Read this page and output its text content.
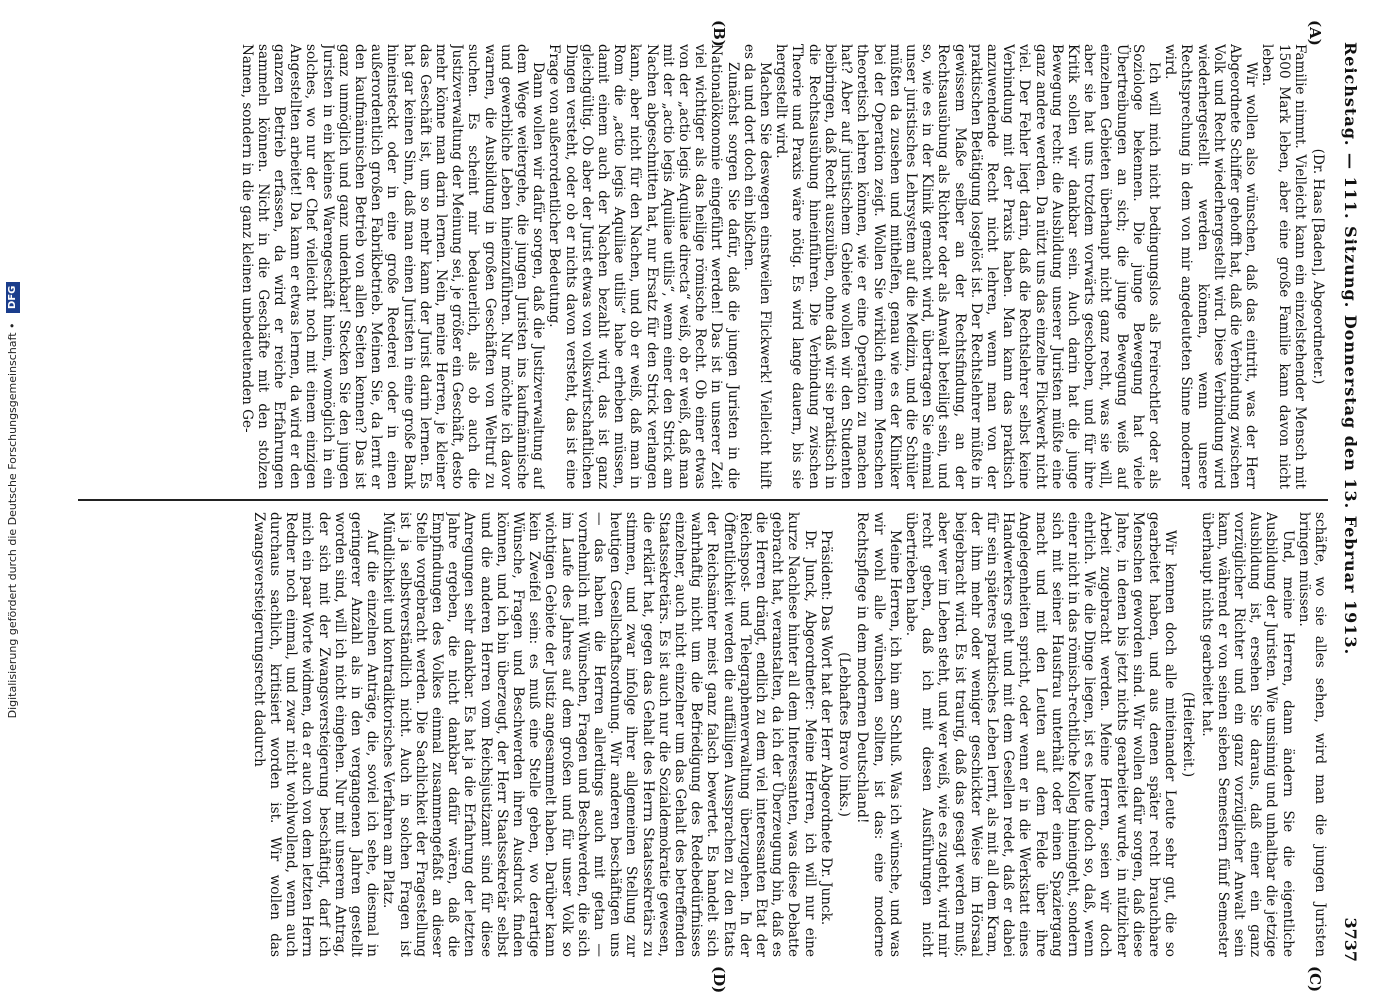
Reichstag. — 111. Sitzung. Donnerstag den 13. Februar 1913.
3737
(A)
(B)
(C)
(D)

(Dr. Haas [Baden], Abgeordneter.)

Familie nimmt. Vielleicht kann ein einzelstehender Mensch mit 1500 Mark leben, aber eine große Familie kann davon nicht leben.

Wir wollen also wünschen, daß das eintritt, was der Herr Abgeordnete Schiffer gehofft hat, daß die Verbindung zwischen Volk und Recht wiederhergestellt wird. Diese Verbindung wird wiederhergestellt werden können, wenn unsere Rechtsprechung in dem von mir angedeuteten Sinne moderner wird.

Ich will mich nicht bedingungslos als Freirechtler oder als Soziologe bekennen. Die junge Bewegung hat viele Übertreibungen an sich; die junge Bewegung weiß auf einzelnen Gebieten überhaupt nicht ganz recht, was sie will, aber sie hat uns trotzdem vorwärts geschoben, und für ihre Kritik sollen wir dankbar sein. Auch darin hat die junge Bewegung recht: die Ausbildung unserer Juristen müßte eine ganz andere werden. Da nützt uns das einzelne Flickwerk nicht viel. Der Fehler liegt darin, daß die Rechtslehrer selbst keine Verbindung mit der Praxis haben. Man kann das praktisch anzuwendende Recht nicht lehren, wenn man von der praktischen Betätigung losgelöst ist. Der Rechtslehrer müßte in gewissem Maße selber an der Rechtsfindung, an der Rechtsausübung als Richter oder als Anwalt beteiligt sein, und so, wie es in der Klinik gemacht wird, übertragen Sie einmal unser juristisches Lehrsystem auf die Medizin, und die Schüler müßten da zusehen und mithelfen, genau wie es der Kliniker bei der Operation zeigt. Wollen Sie wirklich einem Menschen theoretisch lehren können, wie er eine Operation zu machen hat? Aber auf juristischem Gebiete wollen wir den Studenten beibringen, daß Recht auszuüben, ohne daß wir sie praktisch in die Rechtsausübung hineinführen. Die Verbindung zwischen Theorie und Praxis wäre nötig. Es wird lange dauern, bis sie hergestellt wird.

Machen Sie deswegen einstweilen Flickwerk! Vielleicht hilft es da und dort doch ein bißchen.

Zunächst sorgen Sie dafür, daß die jungen Juristen in die Nationalökonomie eingeführt werden! Das ist in unserer Zeit viel wichtiger als das heilige römische Recht. Ob einer etwas von der „actio legis Aquiliae directa“ weiß, ob er weiß, daß man mit der „actio legis Aquiliae utilis“, wenn einer den Strick am Nachen abgeschnitten hat, nur Ersatz für den Strick verlangen kann, aber nicht für den Nachen, und ob er weiß, daß man in Rom die „actio legis Aquiliae utilis“ habe erheben müssen, damit einem auch der Nachen bezahlt wird, das ist ganz gleichgültig. Ob aber der Jurist etwas von volkswirtschaftlichen Dingen versteht, oder ob er nichts davon versteht, das ist eine Frage von außerordentlicher Bedeutung.

Dann wollen wir dafür sorgen, daß die Justizverwaltung auf dem Wege weitergehe, die jungen Juristen ins kaufmännische und gewerbliche Leben hineinzuführen. Nur möchte ich davor warnen, die Ausbildung in großen Geschäften von Weltruf zu suchen. Es scheint mir bedauerlich, als ob auch die Justizverwaltung der Meinung sei, je größer ein Geschäft, desto mehr könne man darin lernen. Nein, meine Herren, je kleiner das Geschäft ist, um so mehr kann der Jurist darin lernen. Es hat gar keinen Sinn, daß man einen Juristen in eine große Bank hineinsteckt oder in eine große Reederei oder in einen außerordentlich großen Fabrikbetrieb. Meinen Sie, da lernt er den kaufmännischen Betrieb von allen Seiten kennen? Das ist ganz unmöglich und ganz undenkbar! Stecken Sie den jungen Juristen in ein kleines Warengeschäft hinein, womöglich in ein solches, wo nur der Chef vielleicht noch mit einem einzigen Angestellten arbeitet! Da kann er etwas lernen, da wird er den ganzen Betrieb erfassen, da wird er reiche Erfahrungen sammeln können. Nicht in die Geschäfte mit den stolzen Namen, sondern in die ganz kleinen unbedeutenden Ge-

schäfte, wo sie alles sehen, wird man die jungen Juristen bringen müssen.

Und, meine Herren, dann ändern Sie die eigentliche Ausbildung der Juristen. Wie unsinnig und unhaltbar die jetzige Ausbildung ist, ersehen Sie daraus, daß einer ein ganz vorzüglicher Richter und ein ganz vorzüglicher Anwalt sein kann, während er von seinen sieben Semestern fünf Semester überhaupt nichts gearbeitet hat.

(Heiterkeit.)

Wir kennen doch alle miteinander Leute sehr gut, die so gearbeitet haben, und aus denen später recht brauchbare Menschen geworden sind. Wir wollen dafür sorgen, daß diese Jahre, in denen bis jetzt nichts gearbeitet wurde, in nützlicher Arbeit zugebracht werden. Meine Herren, seien wir doch ehrlich. Wie die Dinge liegen, ist es heute doch so, daß, wenn einer nicht in das römisch-rechtliche Kolleg hineingeht, sondern sich mit seiner Hausfrau unterhält oder einen Spaziergang macht und mit den Leuten auf dem Felde über ihre Angelegenheiten spricht, oder wenn er in die Werkstatt eines Handwerkers geht und mit dem Gesellen redet, daß er dabei für sein späteres praktisches Leben lernt, als mit all dem Kram, der ihm mehr oder weniger geschickter Weise im Hörsaal beigebracht wird. Es ist traurig, daß das gesagt werden muß; aber wer im Leben steht, und wer weiß, wie es zugeht, wird mir recht geben, daß ich mit diesen Ausführungen nicht übertrieben habe.

Meine Herren, ich bin am Schluß. Was ich wünsche, und was wir wohl alle wünschen sollten, ist das: eine moderne Rechtspflege in dem modernen Deutschland!

(Lebhaftes Bravo links.)

Präsident: Das Wort hat der Herr Abgeordnete Dr. Junck.

Dr. Junck, Abgeordneter: Meine Herren, ich will nur eine kurze Nachlese hinter all dem Interessanten, was diese Debatte gebracht hat, veranstalten, da ich der Überzeugung bin, daß es die Herren drängt, endlich zu dem viel interessanten Etat der Reichspost- und Telegraphenverwaltung überzugehen. In der Öffentlichkeit werden die auffälligen Aussprachen zu den Etats der Reichsämter meist ganz falsch bewertet. Es handelt sich wahrhaftig nicht um die Befriedigung des Redebedürfnisses einzelner, auch nicht einzelner um das Gehalt des betreffenden Staatssekretärs. Es ist auch nur die Sozialdemokratie gewesen, die erklärt hat, gegen das Gehalt des Herrn Staatssekretärs zu stimmen, und zwar infolge ihrer allgemeinen Stellung zur heutigen Gesellschaftsordnung. Wir anderen beschäftigen uns — das haben die Herren allerdings auch mit getan — vornehmlich mit Wünschen, Fragen und Beschwerden, die sich im Laufe des Jahres auf dem großen und für unser Volk so wichtigen Gebiete der Justiz angesammelt haben. Darüber kann kein Zweifel sein: es muß eine Stelle geben, wo derartige Wünsche, Fragen und Beschwerden ihren Ausdruck finden können, und ich bin überzeugt, der Herr Staatssekretär selbst und die anderen Herren vom Reichsjustizamt sind für diese Anregungen sehr dankbar. Es hat ja die Erfahrung der letzten Jahre ergeben, die nicht dankbar dafür wären, daß die Empfindungen des Volkes einmal zusammengefaßt an dieser Stelle vorgebracht werden. Die Sachlichkeit der Fragestellung ist ja selbstverständlich nicht. Auch in solchen Fragen ist Mündlichkeit und kontradiktorisches Verfahren am Platz.

Auf die einzelnen Anträge, die, soviel ich sehe, diesmal in geringerer Anzahl als in den vergangenen Jahren gestellt worden sind, will ich nicht eingehen. Nur mit unserem Antrag, der sich mit der Zwangsversteigerung beschäftigt, darf ich mich ein paar Worte widmen, da er auch von dem letzten Herrn Redner noch einmal, und zwar nicht wohlwollend, wenn auch durchaus sachlich, kritisiert worden ist. Wir wollen das Zwangsversteigerungsrecht dadurch

Digitalisierung gefördert durch die Deutsche Forschungsgemeinschaft • DFG
